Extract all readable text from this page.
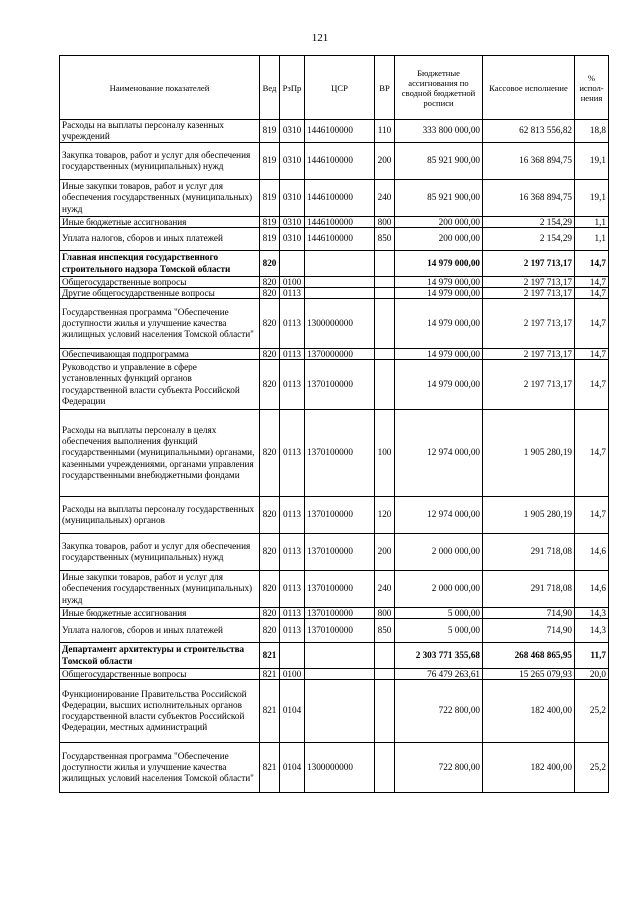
121
Наименование показателей	Вед	РзПр	ЦСР	ВР	Бюджетные ассигнования по сводной бюджетной росписи	Кассовое исполнение	% испол- нения

Расходы на выплаты персоналу казенных учреждений	819	0310	1446100000	110	333 800 000,00	62 813 556,82	18,8

Закупка товаров, работ и услуг для обеспечения государственных (муниципальных) нужд	819	0310	1446100000	200	85 921 900,00	16 368 894,75	19,1

Иные закупки товаров, работ и услуг для обеспечения государственных (муниципальных) нужд	819	0310	1446100000	240	85 921 900,00	16 368 894,75	19,1

Иные бюджетные ассигнования	819	0310	1446100000	800	200 000,00	2 154,29	1,1

Уплата налогов, сборов и иных платежей	819	0310	1446100000	850	200 000,00	2 154,29	1,1

Главная инспекция государственного строительного надзора Томской области	820				14 979 000,00	2 197 713,17	14,7

Общегосударственные вопросы	820	0100			14 979 000,00	2 197 713,17	14,7

Другие общегосударственные вопросы	820	0113			14 979 000,00	2 197 713,17	14,7

Государственная программа "Обеспечение доступности жилья и улучшение качества жилищных условий населения Томской области"	820	0113	1300000000		14 979 000,00	2 197 713,17	14,7

Обеспечивающая подпрограмма	820	0113	1370000000		14 979 000,00	2 197 713,17	14,7

Руководство и управление в сфере установленных функций органов государственной власти субъекта Российской Федерации	820	0113	1370100000		14 979 000,00	2 197 713,17	14,7

Расходы на выплаты персоналу в целях обеспечения выполнения функций государственными (муниципальными) органами, казенными учреждениями, органами управления государственными внебюджетными фондами	820	0113	1370100000	100	12 974 000,00	1 905 280,19	14,7

Расходы на выплаты персоналу государственных (муниципальных) органов	820	0113	1370100000	120	12 974 000,00	1 905 280,19	14,7

Закупка товаров, работ и услуг для обеспечения государственных (муниципальных) нужд	820	0113	1370100000	200	2 000 000,00	291 718,08	14,6

Иные закупки товаров, работ и услуг для обеспечения государственных (муниципальных) нужд	820	0113	1370100000	240	2 000 000,00	291 718,08	14,6

Иные бюджетные ассигнования	820	0113	1370100000	800	5 000,00	714,90	14,3

Уплата налогов, сборов и иных платежей	820	0113	1370100000	850	5 000,00	714,90	14,3

Департамент архитектуры и строительства Томской области	821				2 303 771 355,68	268 468 865,95	11,7

Общегосударственные вопросы	821	0100			76 479 263,61	15 265 079,93	20,0

Функционирование Правительства Российской Федерации, высших исполнительных органов государственной власти субъектов Российской Федерации, местных администраций	821	0104			722 800,00	182 400,00	25,2

Государственная программа "Обеспечение доступности жилья и улучшение качества жилищных условий населения Томской области"	821	0104	1300000000		722 800,00	182 400,00	25,2
